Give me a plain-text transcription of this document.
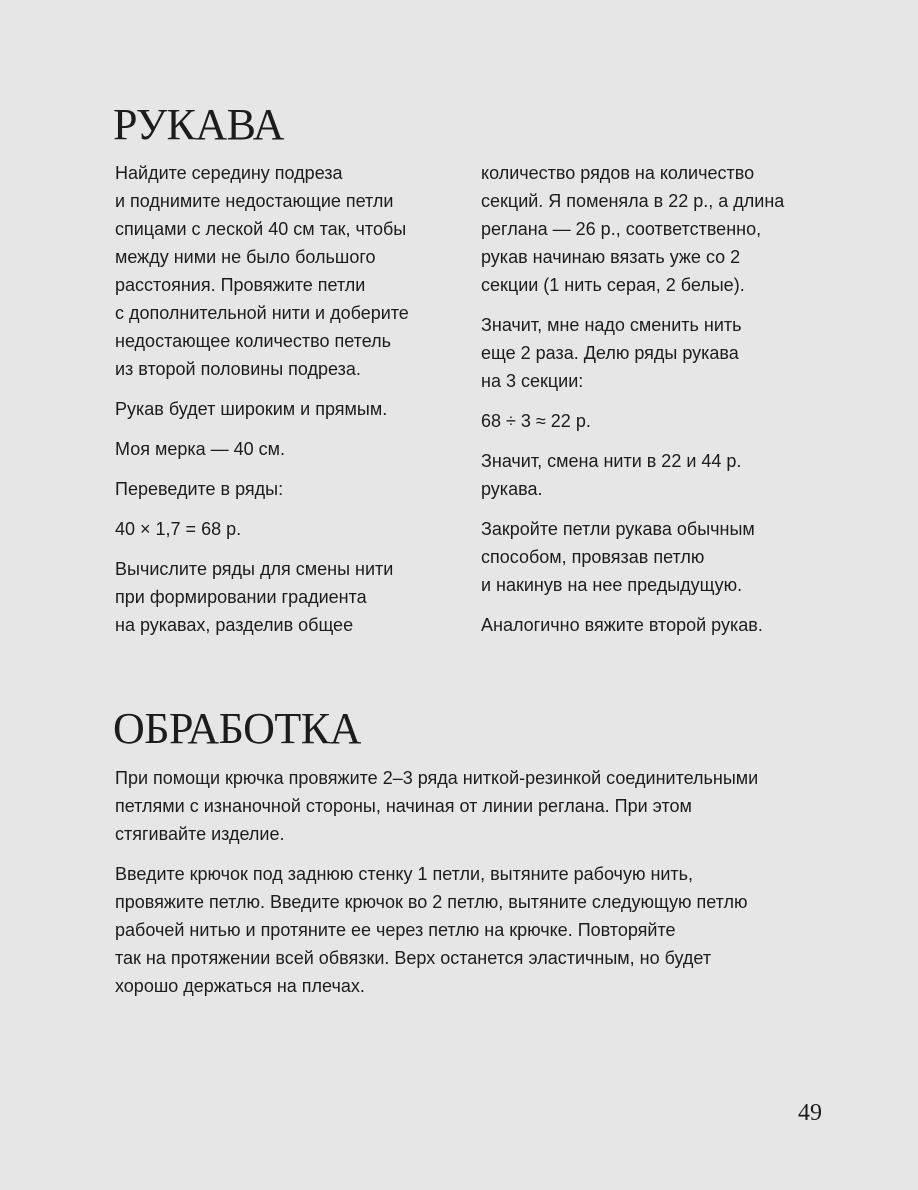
РУКАВА

Найдите середину подреза
и поднимите недостающие петли
спицами с леской 40 см так, чтобы
между ними не было большого
расстояния. Провяжите петли
с дополнительной нити и доберите
недостающее количество петель
из второй половины подреза.

Рукав будет широким и прямым.

Моя мерка — 40 см.

Переведите в ряды:

40 × 1,7 = 68 р.

Вычислите ряды для смены нити
при формировании градиента
на рукавах, разделив общее

количество рядов на количество
секций. Я поменяла в 22 р., а длина
реглана — 26 р., соответственно,
рукав начинаю вязать уже со 2
секции (1 нить серая, 2 белые).

Значит, мне надо сменить нить
еще 2 раза. Делю ряды рукава
на 3 секции:

68 ÷ 3 ≈ 22 р.

Значит, смена нити в 22 и 44 р.
рукава.

Закройте петли рукава обычным
способом, провязав петлю
и накинув на нее предыдущую.

Аналогично вяжите второй рукав.

ОБРАБОТКА

При помощи крючка провяжите 2–3 ряда ниткой-резинкой соединительными
петлями с изнаночной стороны, начиная от линии реглана. При этом
стягивайте изделие.

Введите крючок под заднюю стенку 1 петли, вытяните рабочую нить,
провяжите петлю. Введите крючок во 2 петлю, вытяните следующую петлю
рабочей нитью и протяните ее через петлю на крючке. Повторяйте
так на протяжении всей обвязки. Верх останется эластичным, но будет
хорошо держаться на плечах.

49
